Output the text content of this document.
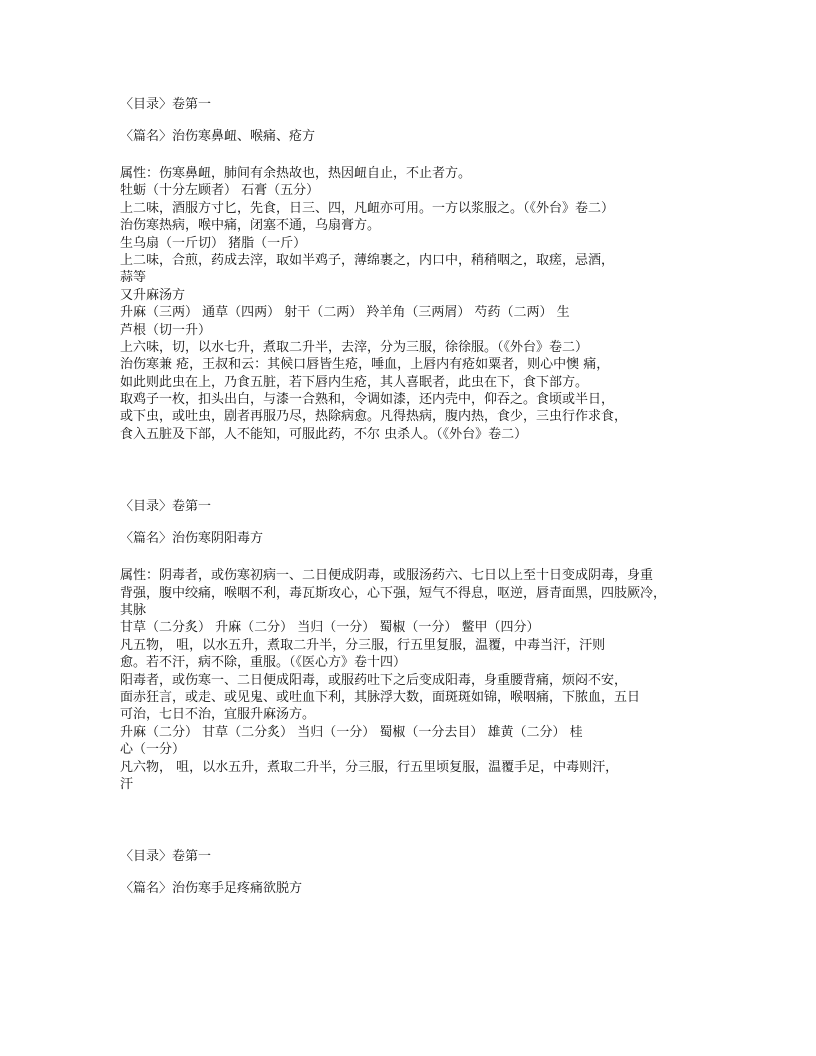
〈目录〉卷第一
〈篇名〉治伤寒鼻衄、喉痛、疮方
属性：伤寒鼻衄，肺间有余热故也，热因衄自止，不止者方。
牡蛎（十分左顾者） 石膏（五分）
上二味，酒服方寸匕，先食，日三、四，凡衄亦可用。一方以浆服之。（《外台》卷二）
治伤寒热病，喉中痛，闭塞不通，乌扇膏方。
生乌扇（一斤切） 猪脂（一斤）
上二味，合煎，药成去滓，取如半鸡子，薄绵裹之，内口中，稍稍咽之，取瘥，忌酒，
蒜等
又升麻汤方
升麻（三两） 通草（四两） 射干（二两） 羚羊角（三两屑） 芍药（二两） 生
芦根（切一升）
上六味，切，以水七升，煮取二升半，去滓，分为三服，徐徐服。（《外台》卷二）
治伤寒兼 疮，王叔和云：其候口唇皆生疮，唾血，上唇内有疮如粟者，则心中懊 痛，
如此则此虫在上，乃食五脏，若下唇内生疮，其人喜眠者，此虫在下，食下部方。
取鸡子一枚，扣头出白，与漆一合熟和，令调如漆，还内壳中，仰吞之。食顷或半日，
或下虫，或吐虫，剧者再服乃尽，热除病愈。凡得热病，腹内热，食少，三虫行作求食，
食入五脏及下部，人不能知，可服此药，不尔 虫杀人。（《外台》卷二）
〈目录〉卷第一
〈篇名〉治伤寒阴阳毒方
属性：阴毒者，或伤寒初病一、二日便成阴毒，或服汤药六、七日以上至十日变成阴毒，身重
背强，腹中绞痛，喉咽不利，毒瓦斯攻心，心下强，短气不得息，呕逆，唇青面黑，四肢厥冷，
其脉
甘草（二分炙） 升麻（二分） 当归（一分） 蜀椒（一分） 鳖甲（四分）
凡五物， 咀，以水五升，煮取二升半，分三服，行五里复服，温覆，中毒当汗，汗则
愈。若不汗，病不除，重服。（《医心方》卷十四）
阳毒者，或伤寒一、二日便成阳毒，或服药吐下之后变成阳毒，身重腰背痛，烦闷不安，
面赤狂言，或走、或见鬼、或吐血下利，其脉浮大数，面斑斑如锦，喉咽痛，下脓血，五日
可治，七日不治，宜服升麻汤方。
升麻（二分） 甘草（二分炙） 当归（一分） 蜀椒（一分去目） 雄黄（二分） 桂
心（一分）
凡六物， 咀，以水五升，煮取二升半，分三服，行五里顷复服，温覆手足，中毒则汗，
汗
〈目录〉卷第一
〈篇名〉治伤寒手足疼痛欲脱方
